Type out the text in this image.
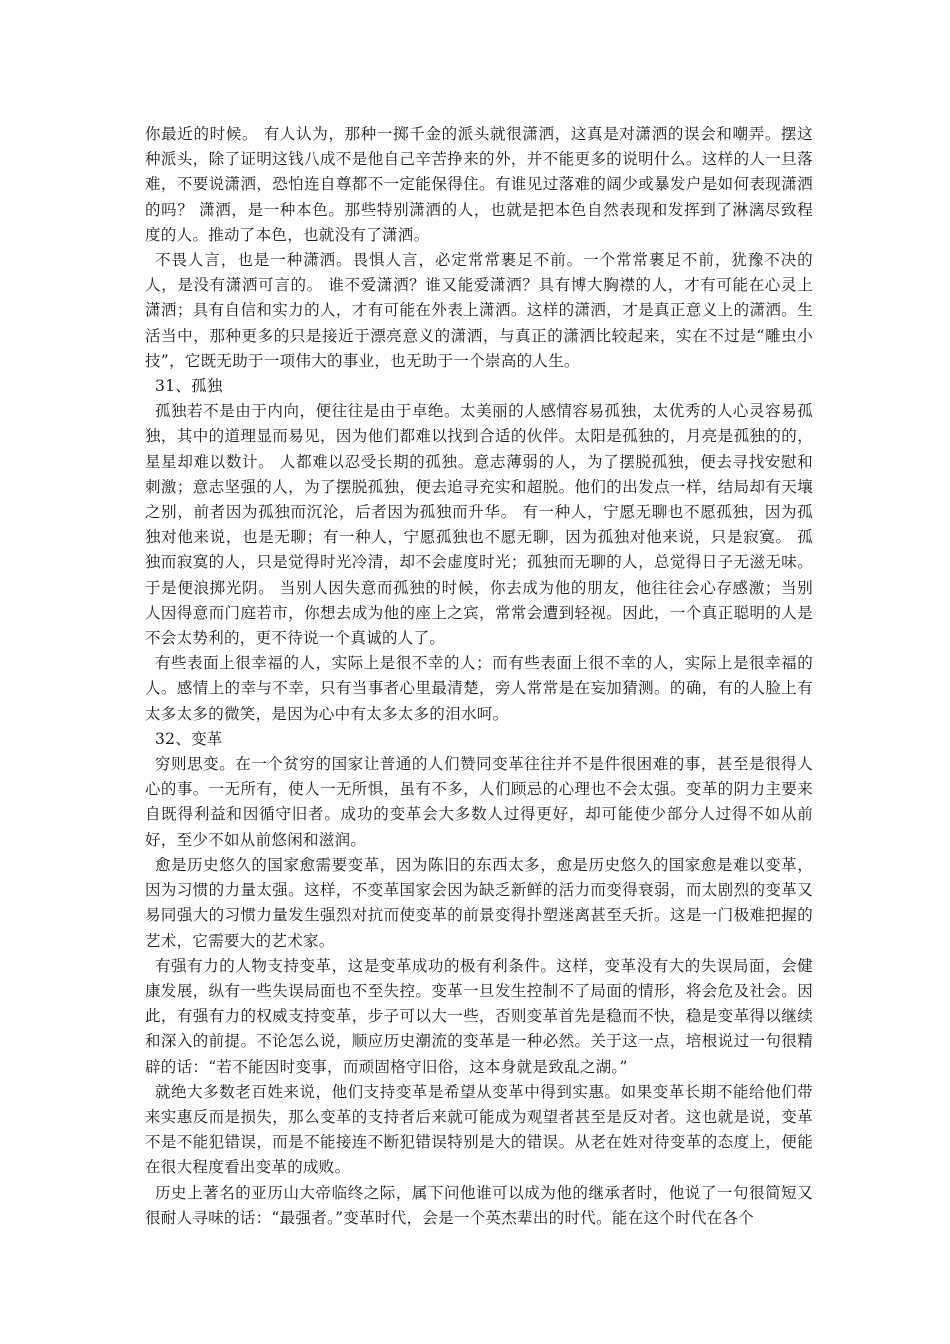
你最近的时候。 有人认为，那种一掷千金的派头就很潇洒，这真是对潇洒的误会和嘲弄。摆这种派头，除了证明这钱八成不是他自己辛苦挣来的外，并不能更多的说明什么。这样的人一旦落难，不要说潇洒，恐怕连自尊都不一定能保得住。有谁见过落难的阔少或暴发户是如何表现潇洒的吗？ 潇洒，是一种本色。那些特别潇洒的人，也就是把本色自然表现和发挥到了淋漓尽致程度的人。推动了本色，也就没有了潇洒。

不畏人言，也是一种潇洒。畏惧人言，必定常常裹足不前。一个常常裹足不前，犹豫不决的人，是没有潇洒可言的。 谁不爱潇洒？谁又能爱潇洒？具有博大胸襟的人，才有可能在心灵上潇洒；具有自信和实力的人，才有可能在外表上潇洒。这样的潇洒，才是真正意义上的潇洒。生活当中，那种更多的只是接近于漂亮意义的潇洒，与真正的潇洒比较起来，实在不过是“雕虫小技”，它既无助于一项伟大的事业，也无助于一个崇高的人生。

31、孤独

孤独若不是由于内向，便往往是由于卓绝。太美丽的人感情容易孤独，太优秀的人心灵容易孤独，其中的道理显而易见，因为他们都难以找到合适的伙伴。太阳是孤独的，月亮是孤独的的，星星却难以数计。 人都难以忍受长期的孤独。意志薄弱的人，为了摆脱孤独，便去寻找安慰和刺激；意志坚强的人，为了摆脱孤独，便去追寻充实和超脱。他们的出发点一样，结局却有天壤之别，前者因为孤独而沉沦，后者因为孤独而升华。 有一种人，宁愿无聊也不愿孤独，因为孤独对他来说，也是无聊；有一种人，宁愿孤独也不愿无聊，因为孤独对他来说，只是寂寞。 孤独而寂寞的人，只是觉得时光冷清，却不会虚度时光；孤独而无聊的人，总觉得日子无滋无味。于是便浪掷光阴。 当别人因失意而孤独的时候，你去成为他的朋友，他往往会心存感激；当别人因得意而门庭若市，你想去成为他的座上之宾，常常会遭到轻视。因此，一个真正聪明的人是不会太势利的，更不待说一个真诚的人了。

有些表面上很幸福的人，实际上是很不幸的人；而有些表面上很不幸的人，实际上是很幸福的人。感情上的幸与不幸，只有当事者心里最清楚，旁人常常是在妄加猜测。的确，有的人脸上有太多太多的微笑，是因为心中有太多太多的泪水呵。

32、变革

穷则思变。在一个贫穷的国家让普通的人们赞同变革往往并不是件很困难的事，甚至是很得人心的事。一无所有，使人一无所惧，虽有不多，人们顾忌的心理也不会太强。变革的阴力主要来自既得利益和因循守旧者。成功的变革会大多数人过得更好，却可能使少部分人过得不如从前好，至少不如从前悠闲和滋润。

愈是历史悠久的国家愈需要变革，因为陈旧的东西太多，愈是历史悠久的国家愈是难以变革，因为习惯的力量太强。这样，不变革国家会因为缺乏新鲜的活力而变得衰弱，而太剧烈的变革又易同强大的习惯力量发生强烈对抗而使变革的前景变得扑塑迷离甚至夭折。这是一门极难把握的艺术，它需要大的艺术家。

有强有力的人物支持变革，这是变革成功的极有利条件。这样，变革没有大的失误局面，会健康发展，纵有一些失误局面也不至失控。变革一旦发生控制不了局面的情形，将会危及社会。因此，有强有力的权威支持变革，步子可以大一些，否则变革首先是稳而不快，稳是变革得以继续和深入的前提。不论怎么说，顺应历史潮流的变革是一种必然。关于这一点，培根说过一句很精辟的话：“若不能因时变事，而顽固格守旧俗，这本身就是致乱之湖。”

就绝大多数老百姓来说，他们支持变革是希望从变革中得到实惠。如果变革长期不能给他们带来实惠反而是损失，那么变革的支持者后来就可能成为观望者甚至是反对者。这也就是说，变革不是不能犯错误，而是不能接连不断犯错误特别是大的错误。从老在姓对待变革的态度上，便能在很大程度看出变革的成败。

历史上著名的亚历山大帝临终之际，属下问他谁可以成为他的继承者时，他说了一句很简短又很耐人寻味的话：“最强者。”变革时代，会是一个英杰辈出的时代。能在这个时代在各个
